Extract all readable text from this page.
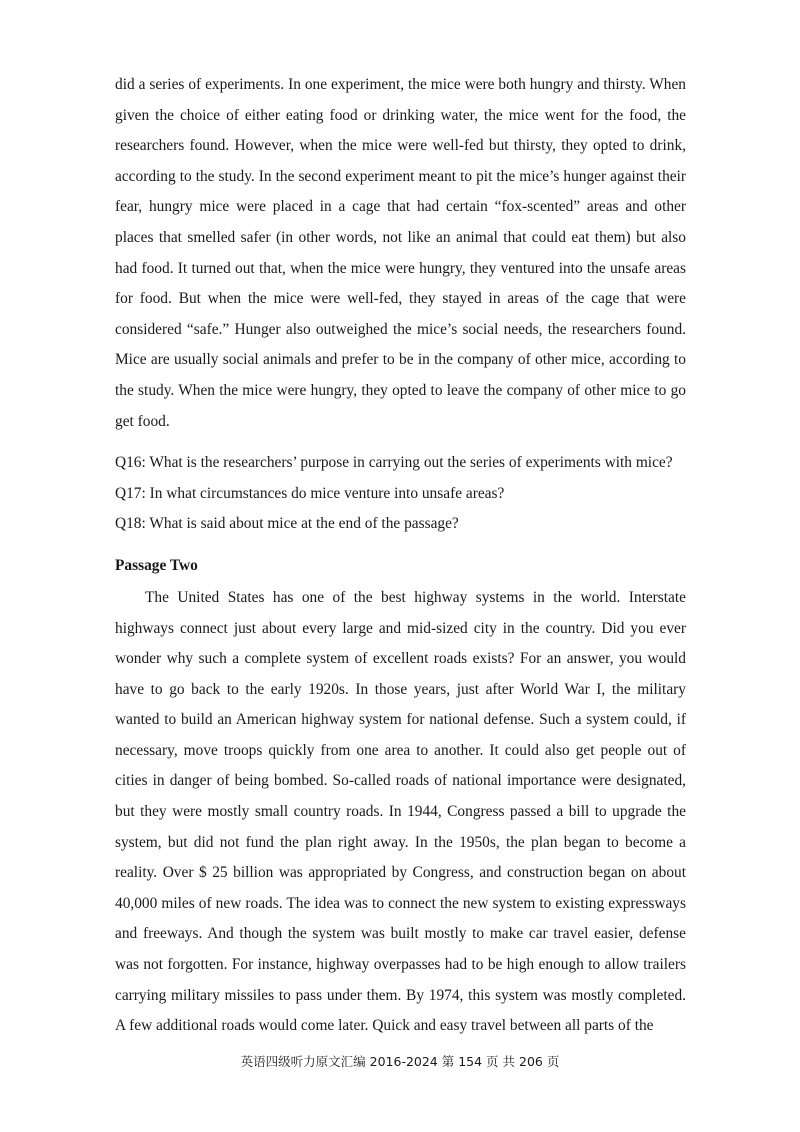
did a series of experiments. In one experiment, the mice were both hungry and thirsty. When given the choice of either eating food or drinking water, the mice went for the food, the researchers found. However, when the mice were well-fed but thirsty, they opted to drink, according to the study. In the second experiment meant to pit the mice’s hunger against their fear, hungry mice were placed in a cage that had certain “fox-scented” areas and other places that smelled safer (in other words, not like an animal that could eat them) but also had food. It turned out that, when the mice were hungry, they ventured into the unsafe areas for food. But when the mice were well-fed, they stayed in areas of the cage that were considered “safe.” Hunger also outweighed the mice’s social needs, the researchers found. Mice are usually social animals and prefer to be in the company of other mice, according to the study. When the mice were hungry, they opted to leave the company of other mice to go get food.

Q16: What is the researchers’ purpose in carrying out the series of experiments with mice?

Q17: In what circumstances do mice venture into unsafe areas?

Q18: What is said about mice at the end of the passage?

Passage Two

The United States has one of the best highway systems in the world. Interstate highways connect just about every large and mid-sized city in the country. Did you ever wonder why such a complete system of excellent roads exists? For an answer, you would have to go back to the early 1920s. In those years, just after World War I, the military wanted to build an American highway system for national defense. Such a system could, if necessary, move troops quickly from one area to another. It could also get people out of cities in danger of being bombed. So-called roads of national importance were designated, but they were mostly small country roads. In 1944, Congress passed a bill to upgrade the system, but did not fund the plan right away. In the 1950s, the plan began to become a reality. Over $ 25 billion was appropriated by Congress, and construction began on about 40,000 miles of new roads. The idea was to connect the new system to existing expressways and freeways. And though the system was built mostly to make car travel easier, defense was not forgotten. For instance, highway overpasses had to be high enough to allow trailers carrying military missiles to pass under them. By 1974, this system was mostly completed. A few additional roads would come later. Quick and easy travel between all parts of the

英语四级听力原文汇编 2016-2024 第 154 页 共 206 页
